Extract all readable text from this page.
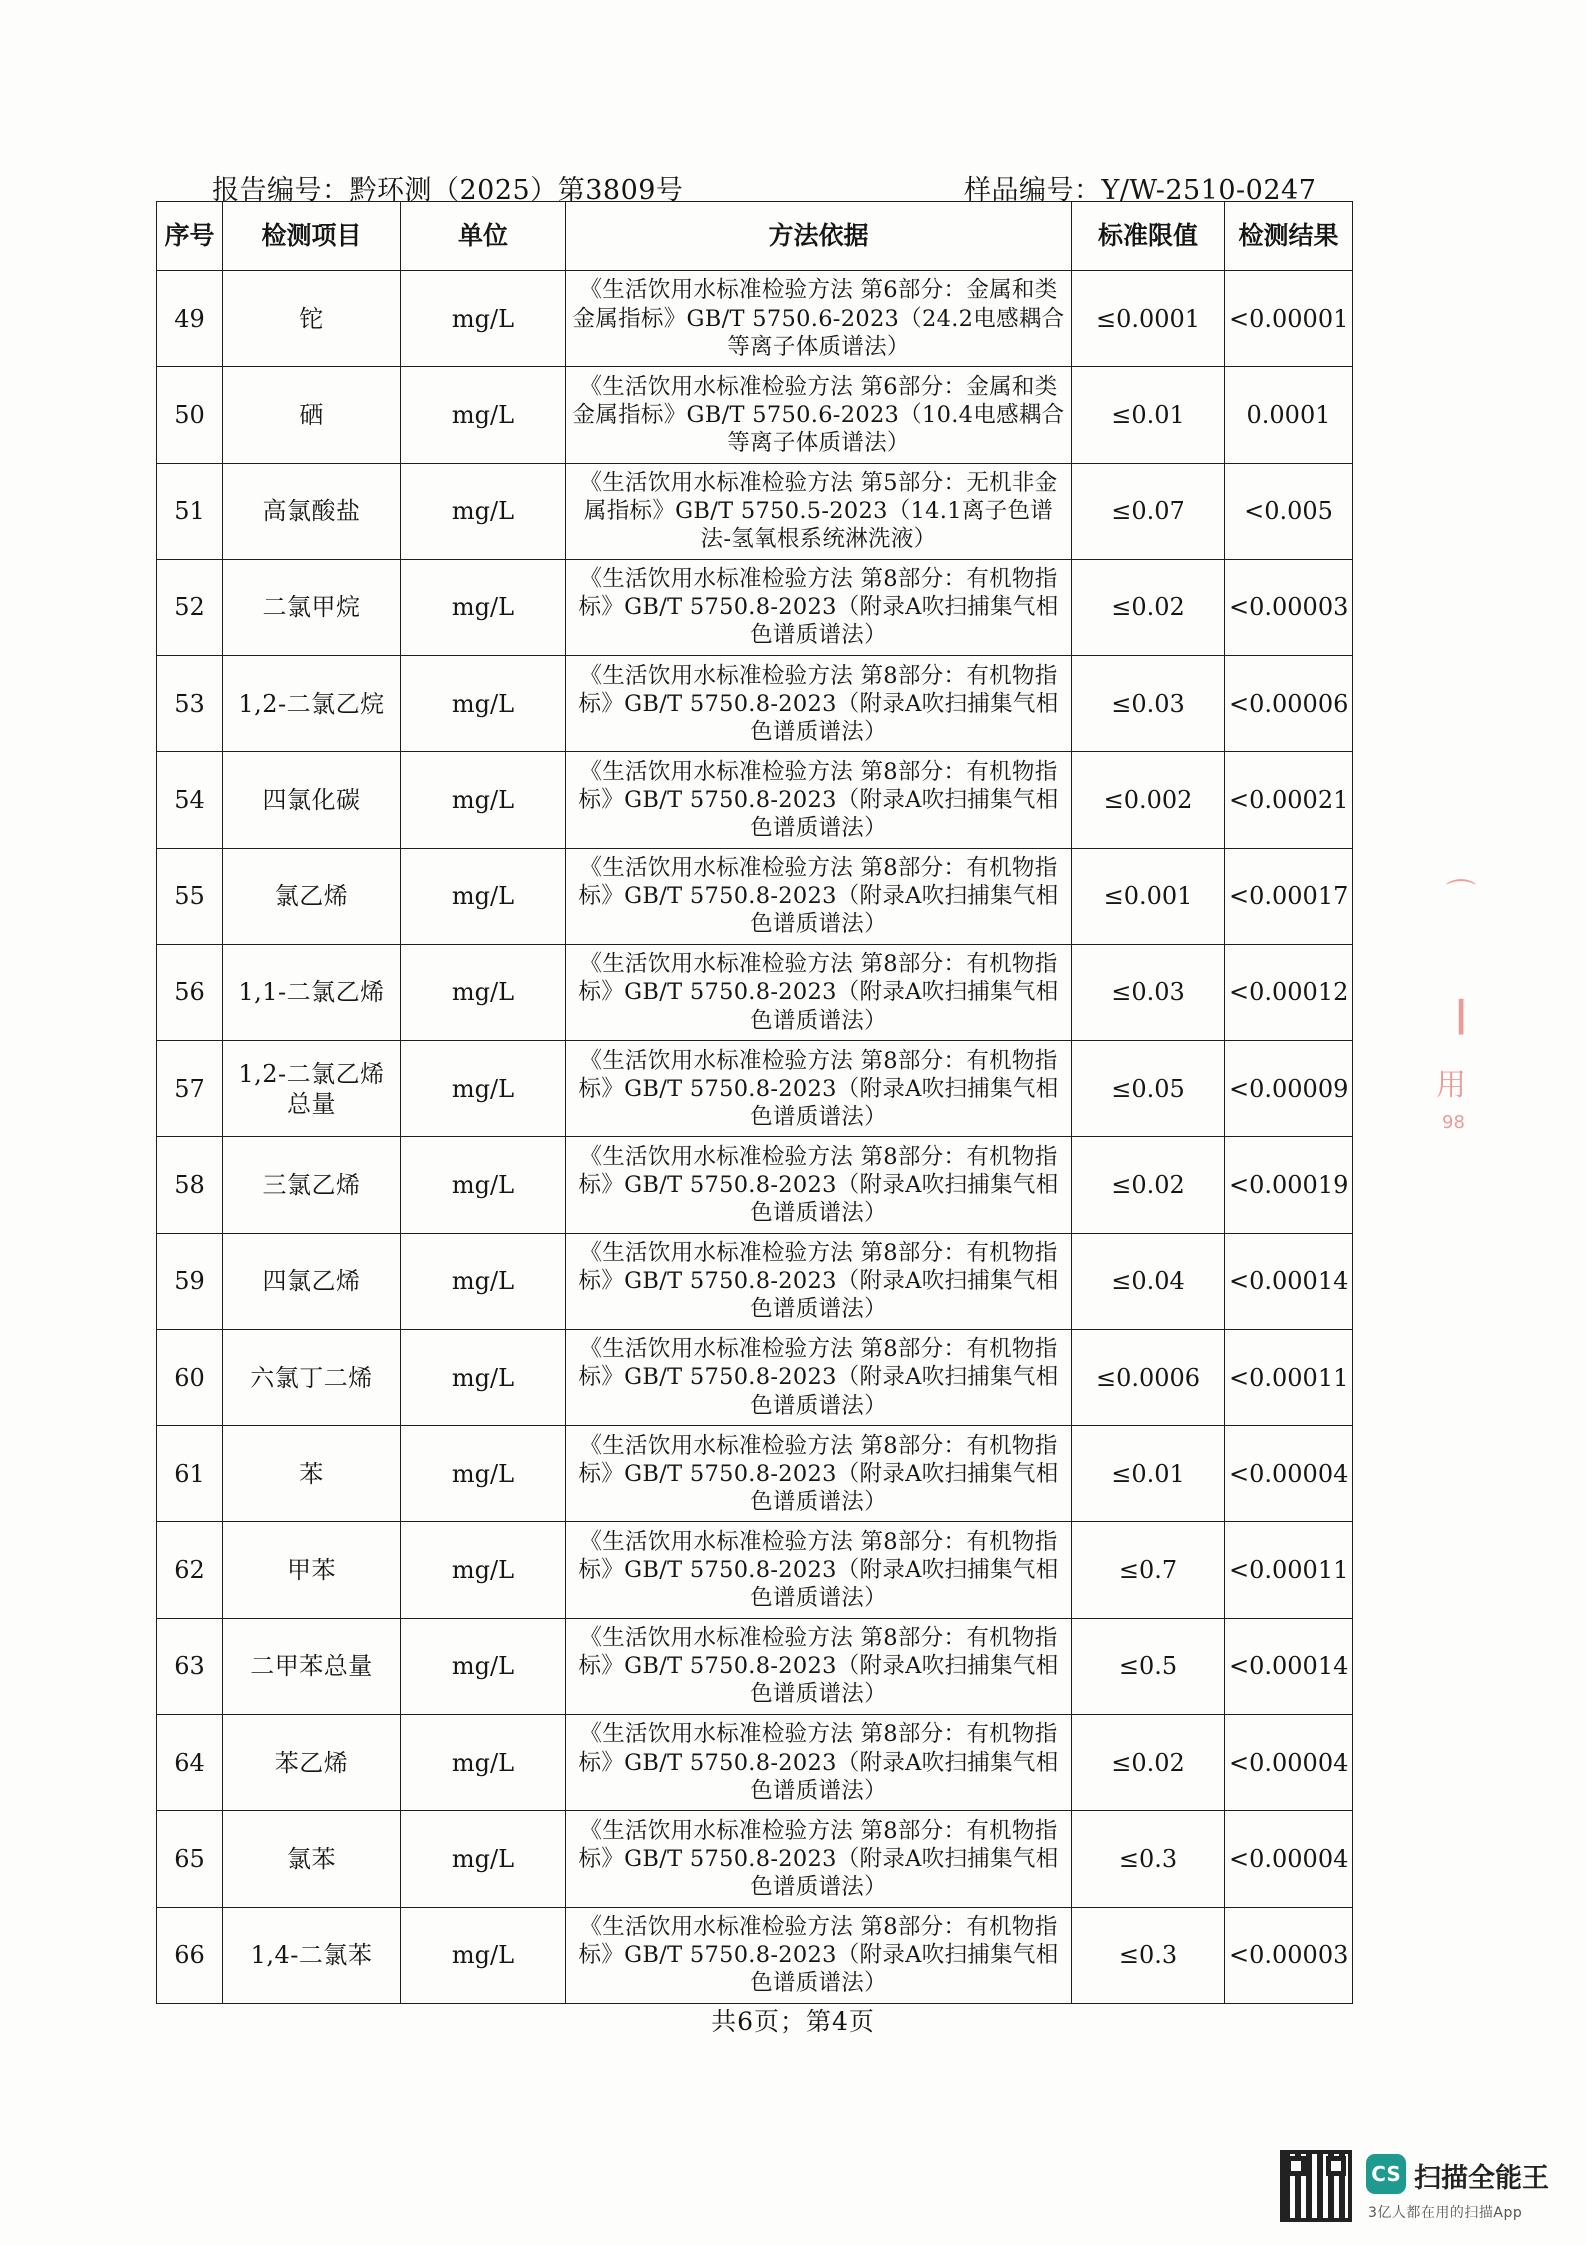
报告编号：黔环测（2025）第3809号	样品编号：Y/W-2510-0247
序号	检测项目	单位	方法依据	标准限值	检测结果
49	铊	mg/L	《生活饮用水标准检验方法 第6部分：金属和类金属指标》GB/T 5750.6-2023（24.2电感耦合等离子体质谱法）	≤0.0001	<0.00001
50	硒	mg/L	《生活饮用水标准检验方法 第6部分：金属和类金属指标》GB/T 5750.6-2023（10.4电感耦合等离子体质谱法）	≤0.01	0.0001
51	高氯酸盐	mg/L	《生活饮用水标准检验方法 第5部分：无机非金属指标》GB/T 5750.5-2023（14.1离子色谱法-氢氧根系统淋洗液）	≤0.07	<0.005
52	二氯甲烷	mg/L	《生活饮用水标准检验方法 第8部分：有机物指标》GB/T 5750.8-2023（附录A吹扫捕集气相色谱质谱法）	≤0.02	<0.00003
53	1,2-二氯乙烷	mg/L	《生活饮用水标准检验方法 第8部分：有机物指标》GB/T 5750.8-2023（附录A吹扫捕集气相色谱质谱法）	≤0.03	<0.00006
54	四氯化碳	mg/L	《生活饮用水标准检验方法 第8部分：有机物指标》GB/T 5750.8-2023（附录A吹扫捕集气相色谱质谱法）	≤0.002	<0.00021
55	氯乙烯	mg/L	《生活饮用水标准检验方法 第8部分：有机物指标》GB/T 5750.8-2023（附录A吹扫捕集气相色谱质谱法）	≤0.001	<0.00017
56	1,1-二氯乙烯	mg/L	《生活饮用水标准检验方法 第8部分：有机物指标》GB/T 5750.8-2023（附录A吹扫捕集气相色谱质谱法）	≤0.03	<0.00012
57	1,2-二氯乙烯总量	mg/L	《生活饮用水标准检验方法 第8部分：有机物指标》GB/T 5750.8-2023（附录A吹扫捕集气相色谱质谱法）	≤0.05	<0.00009
58	三氯乙烯	mg/L	《生活饮用水标准检验方法 第8部分：有机物指标》GB/T 5750.8-2023（附录A吹扫捕集气相色谱质谱法）	≤0.02	<0.00019
59	四氯乙烯	mg/L	《生活饮用水标准检验方法 第8部分：有机物指标》GB/T 5750.8-2023（附录A吹扫捕集气相色谱质谱法）	≤0.04	<0.00014
60	六氯丁二烯	mg/L	《生活饮用水标准检验方法 第8部分：有机物指标》GB/T 5750.8-2023（附录A吹扫捕集气相色谱质谱法）	≤0.0006	<0.00011
61	苯	mg/L	《生活饮用水标准检验方法 第8部分：有机物指标》GB/T 5750.8-2023（附录A吹扫捕集气相色谱质谱法）	≤0.01	<0.00004
62	甲苯	mg/L	《生活饮用水标准检验方法 第8部分：有机物指标》GB/T 5750.8-2023（附录A吹扫捕集气相色谱质谱法）	≤0.7	<0.00011
63	二甲苯总量	mg/L	《生活饮用水标准检验方法 第8部分：有机物指标》GB/T 5750.8-2023（附录A吹扫捕集气相色谱质谱法）	≤0.5	<0.00014
64	苯乙烯	mg/L	《生活饮用水标准检验方法 第8部分：有机物指标》GB/T 5750.8-2023（附录A吹扫捕集气相色谱质谱法）	≤0.02	<0.00004
65	氯苯	mg/L	《生活饮用水标准检验方法 第8部分：有机物指标》GB/T 5750.8-2023（附录A吹扫捕集气相色谱质谱法）	≤0.3	<0.00004
66	1,4-二氯苯	mg/L	《生活饮用水标准检验方法 第8部分：有机物指标》GB/T 5750.8-2023（附录A吹扫捕集气相色谱质谱法）	≤0.3	<0.00003
共6页；第4页
⌒
┃
用
98
CS 扫描全能王
3亿人都在用的扫描App
